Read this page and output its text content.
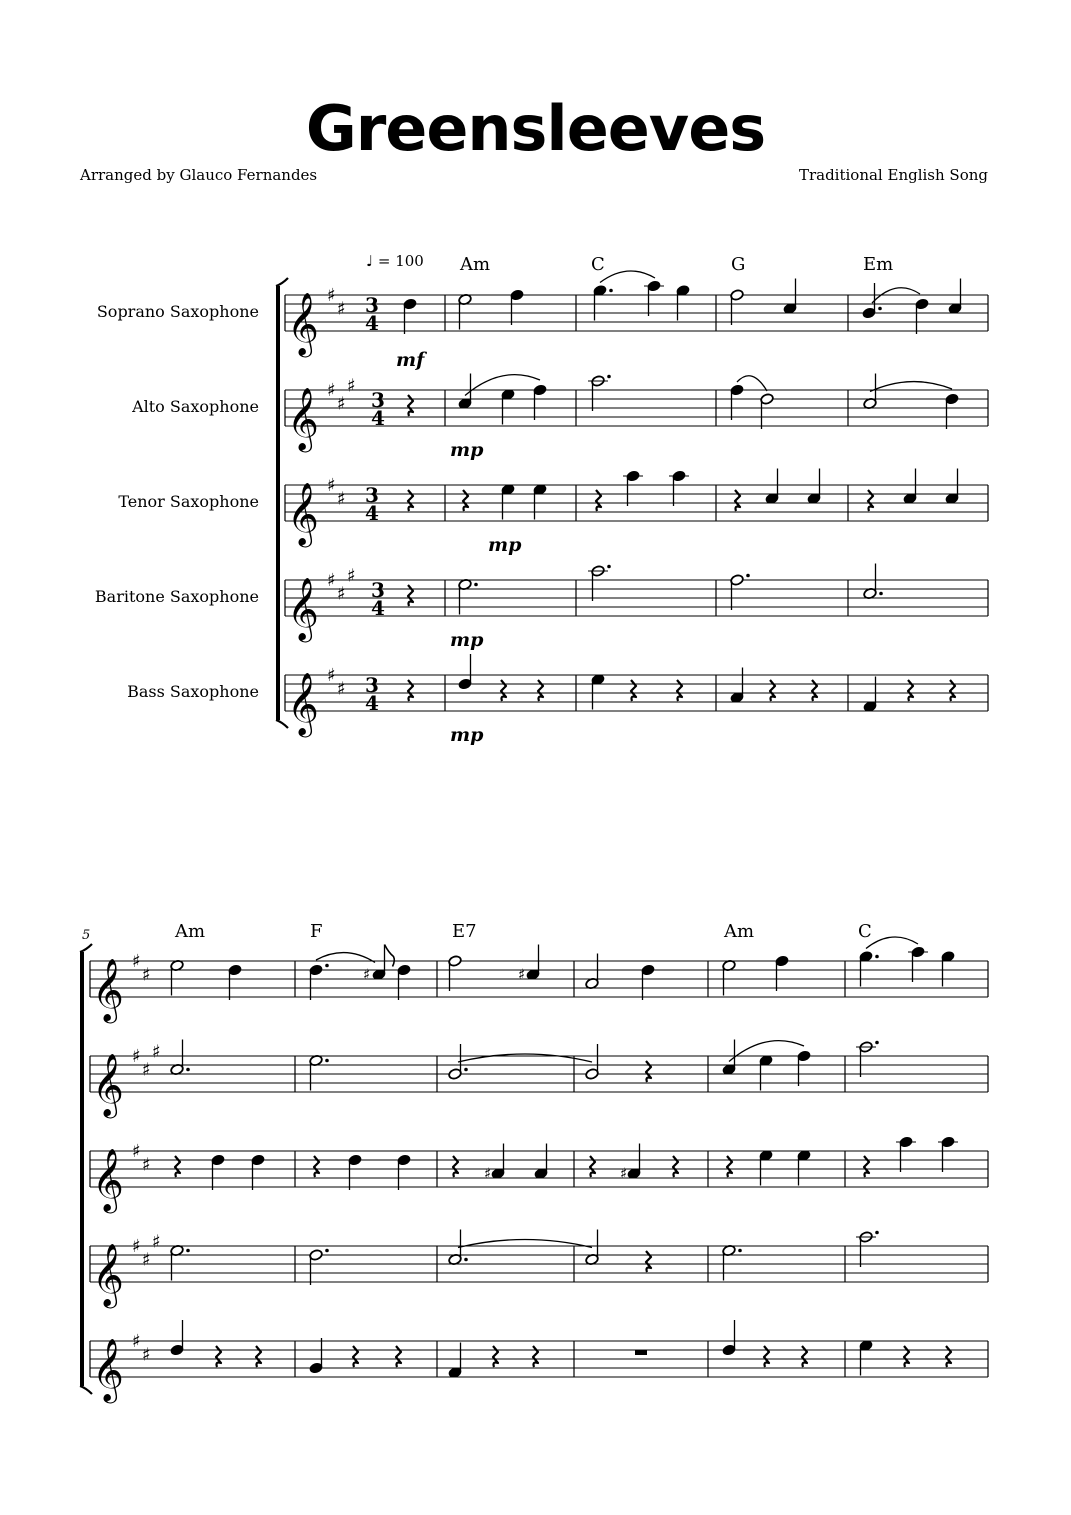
Greensleeves
Arranged by Glauco Fernandes	Traditional English Song
Soprano Saxophone
Alto Saxophone
Tenor Saxophone
Baritone Saxophone
Bass Saxophone
♩ = 100 Am	C	G	Em
mf
mp
mp
mp
mp
5	Am	F	E7	Am	C
𝄞 ♯
♯ 3
4
𝄞 ♯
♯
♯
3
4
𝄞 ♯
♯ 3
4
𝄞 ♯
♯
♯
3
4
𝄞 ♯
♯ 3
4
𝄞 ♯
♯
𝄞 ♯
♯
♯
𝄞 ♯
♯
𝄞 ♯
♯
♯
𝄞 ♯
♯
♯	♯
♯	♯
